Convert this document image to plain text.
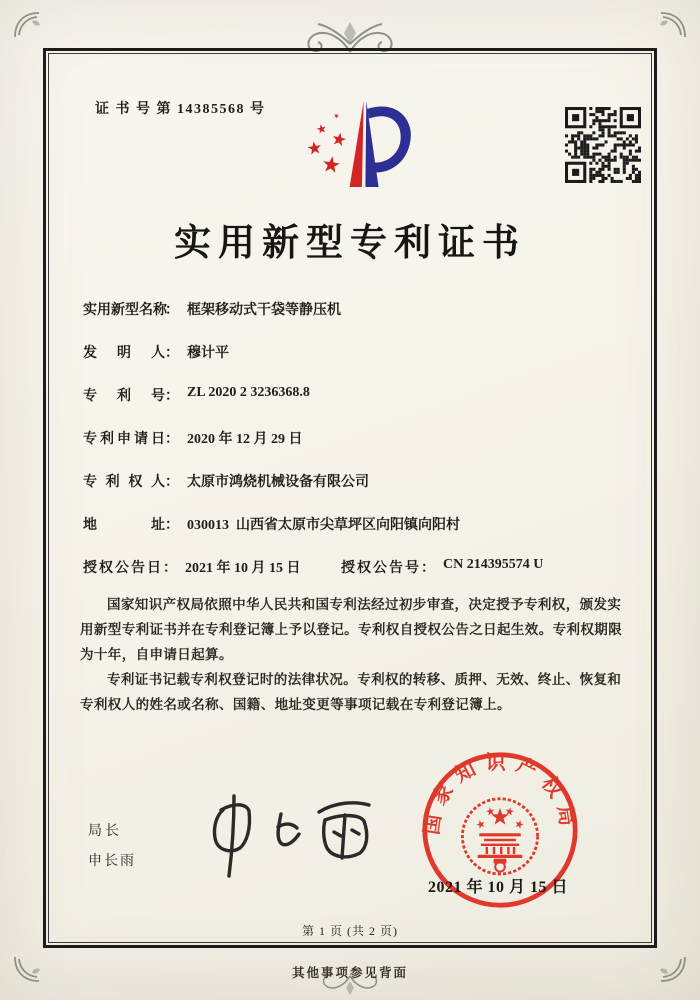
证 书 号 第 14385568 号
实用新型专利证书
实用新型名称： 框架移动式干袋等静压机
发明人： 穆计平
专利号： ZL 2020 2 3236368.8
专利申请日： 2020 年 12 月 29 日
专利权人： 太原市鸿烧机械设备有限公司
地址： 030013  山西省太原市尖草坪区向阳镇向阳村
授权公告日： 2021 年 10 月 15 日	授权公告号： CN 214395574 U

国家知识产权局依照中华人民共和国专利法经过初步审查，决定授予专利权，颁发实用新型专利证书并在专利登记簿上予以登记。专利权自授权公告之日起生效。专利权期限为十年，自申请日起算。

专利证书记载专利权登记时的法律状况。专利权的转移、质押、无效、终止、恢复和专利权人的姓名或名称、国籍、地址变更等事项记载在专利登记簿上。

局长
申长雨
国家知识产权局
2021 年 10 月 15 日
第 1 页 (共 2 页)
其他事项参见背面
